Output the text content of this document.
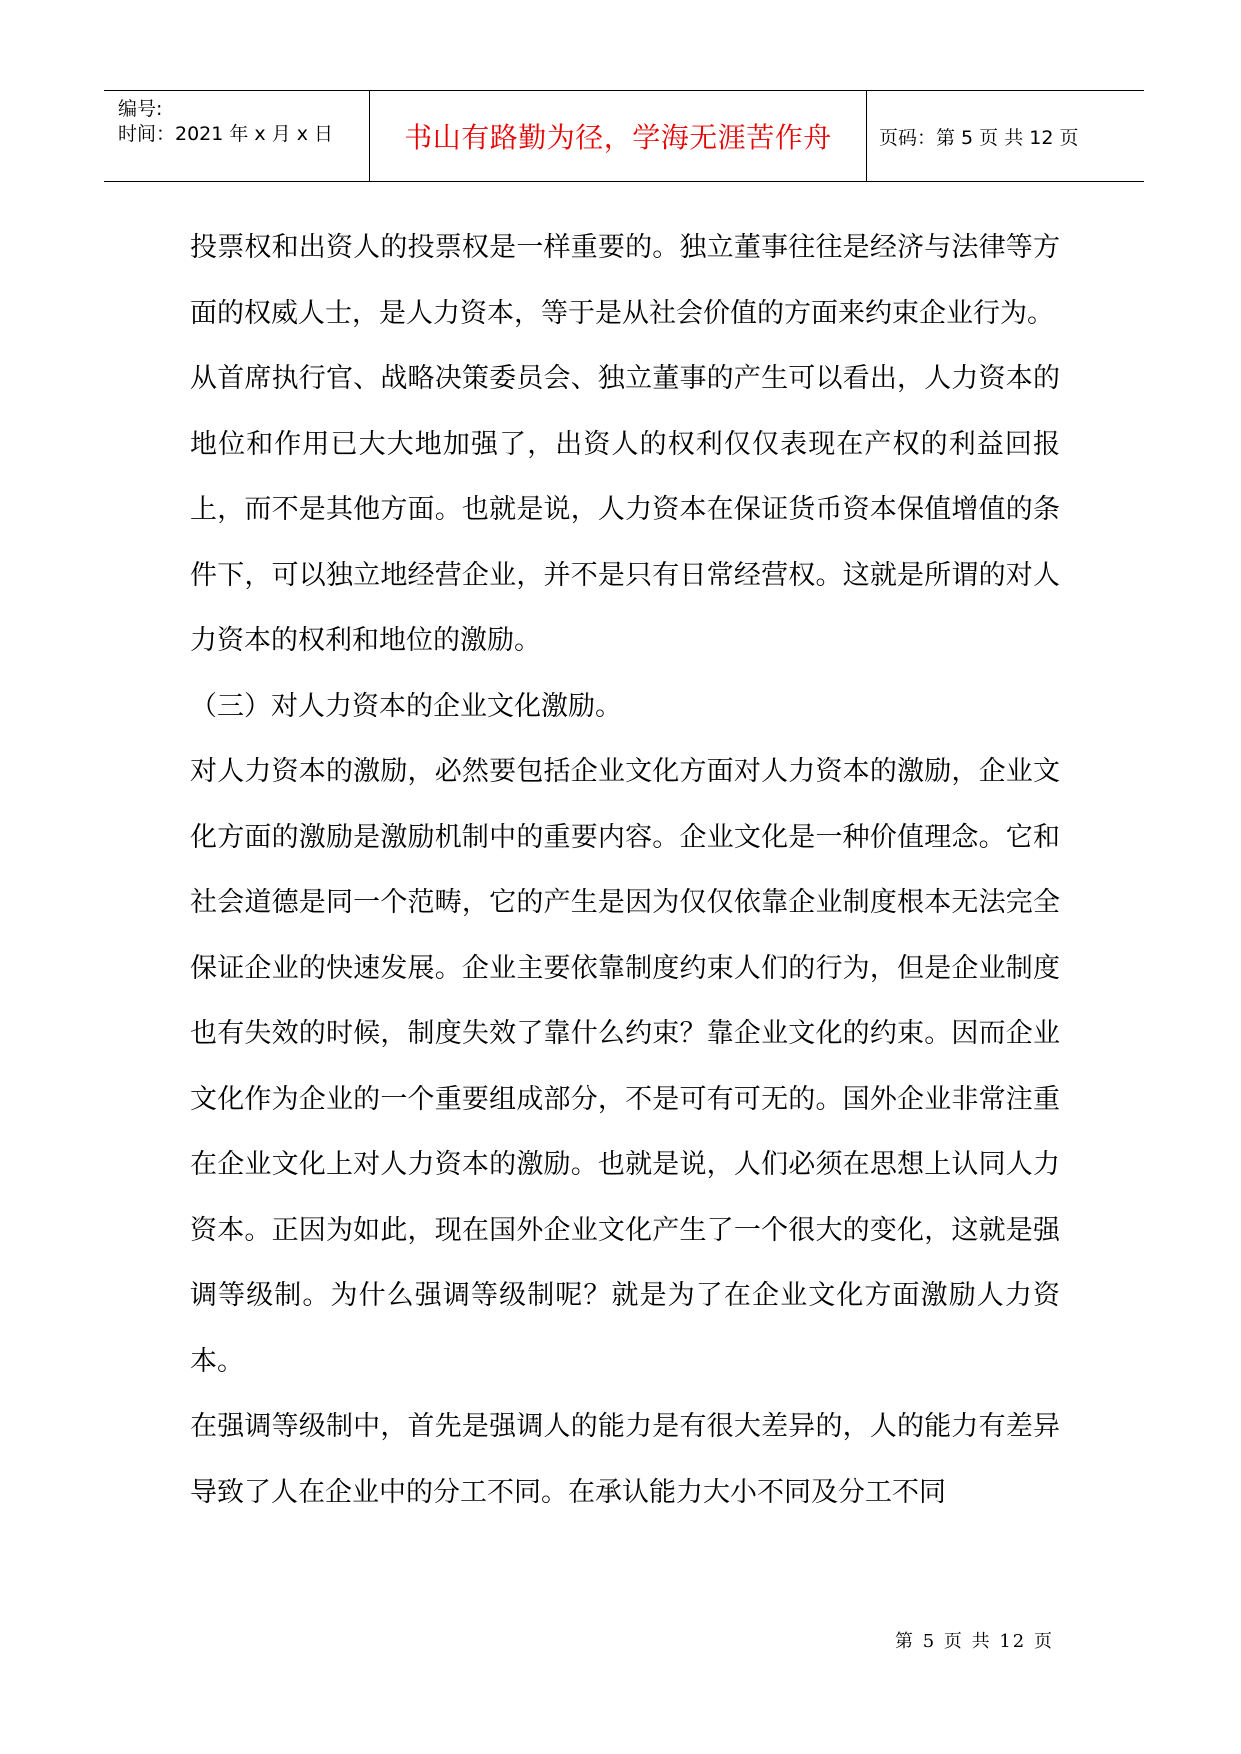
编号:
时间：2021 年 x 月 x 日	书山有路勤为径，学海无涯苦作舟 页码：第 5 页 共 12 页

投票权和出资人的投票权是一样重要的。独立董事往往是经济与法律等方面的权威人士，是人力资本，等于是从社会价值的方面来约束企业行为。

从首席执行官、战略决策委员会、独立董事的产生可以看出，人力资本的地位和作用已大大地加强了，出资人的权利仅仅表现在产权的利益回报上，而不是其他方面。也就是说，人力资本在保证货币资本保值增值的条件下，可以独立地经营企业，并不是只有日常经营权。这就是所谓的对人力资本的权利和地位的激励。

（三）对人力资本的企业文化激励。

对人力资本的激励，必然要包括企业文化方面对人力资本的激励，企业文化方面的激励是激励机制中的重要内容。企业文化是一种价值理念。它和社会道德是同一个范畴，它的产生是因为仅仅依靠企业制度根本无法完全保证企业的快速发展。企业主要依靠制度约束人们的行为，但是企业制度也有失效的时候，制度失效了靠什么约束？靠企业文化的约束。因而企业文化作为企业的一个重要组成部分，不是可有可无的。国外企业非常注重在企业文化上对人力资本的激励。也就是说，人们必须在思想上认同人力资本。正因为如此，现在国外企业文化产生了一个很大的变化，这就是强调等级制。为什么强调等级制呢？就是为了在企业文化方面激励人力资本。

在强调等级制中，首先是强调人的能力是有很大差异的，人的能力有差异导致了人在企业中的分工不同。在承认能力大小不同及分工不同

第 5 页 共 12 页
